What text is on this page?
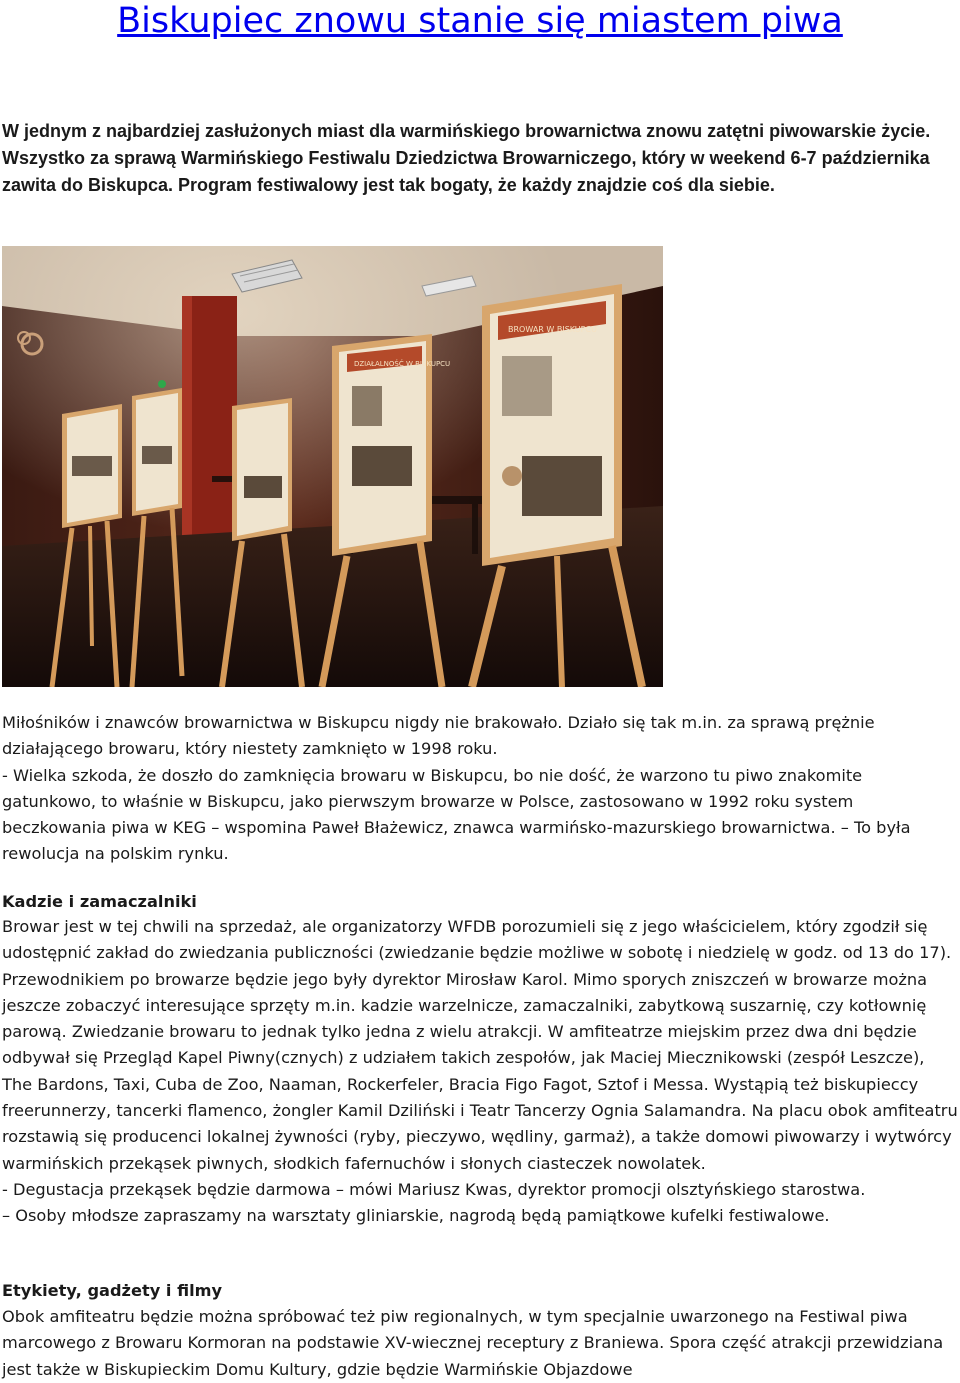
Biskupiec znowu stanie się miastem piwa

W jednym z najbardziej zasłużonych miast dla warmińskiego browarnictwa znowu zatętni piwowarskie życie. Wszystko za sprawą Warmińskiego Festiwalu Dziedzictwa Browarniczego, który w weekend 6-7 października zawita do Biskupca. Program festiwalowy jest tak bogaty, że każdy znajdzie coś dla siebie.

DZIAŁALNOŚĆ W BISKUPCU
BROWAR W BISKUPCU

Miłośników i znawców browarnictwa w Biskupcu nigdy nie brakowało. Działo się tak m.in. za sprawą prężnie działającego browaru, który niestety zamknięto w 1998 roku.
- Wielka szkoda, że doszło do zamknięcia browaru w Biskupcu, bo nie dość, że warzono tu piwo znakomite gatunkowo, to właśnie w Biskupcu, jako pierwszym browarze w Polsce, zastosowano w 1992 roku system beczkowania piwa w KEG – wspomina Paweł Błażewicz, znawca warmińsko-mazurskiego browarnictwa. – To była rewolucja na polskim rynku.

Kadzie i zamaczalniki

Browar jest w tej chwili na sprzedaż, ale organizatorzy WFDB porozumieli się z jego właścicielem, który zgodził się udostępnić zakład do zwiedzania publiczności (zwiedzanie będzie możliwe w sobotę i niedzielę w godz. od 13 do 17). Przewodnikiem po browarze będzie jego były dyrektor Mirosław Karol. Mimo sporych zniszczeń w browarze można jeszcze zobaczyć interesujące sprzęty m.in. kadzie warzelnicze, zamaczalniki, zabytkową suszarnię, czy kotłownię parową. Zwiedzanie browaru to jednak tylko jedna z wielu atrakcji. W amfiteatrze miejskim przez dwa dni będzie odbywał się Przegląd Kapel Piwny(cznych) z udziałem takich zespołów, jak Maciej Miecznikowski (zespół Leszcze), The Bardons, Taxi, Cuba de Zoo, Naaman, Rockerfeler, Bracia Figo Fagot, Sztof i Messa. Wystąpią też biskupieccy freerunnerzy, tancerki flamenco, żongler Kamil Dziliński i Teatr Tancerzy Ognia Salamandra. Na placu obok amfiteatru rozstawią się producenci lokalnej żywności (ryby, pieczywo, wędliny, garmaż), a także domowi piwowarzy i wytwórcy warmińskich przekąsek piwnych, słodkich fafernuchów i słonych ciasteczek nowolatek.
- Degustacja przekąsek będzie darmowa – mówi Mariusz Kwas, dyrektor promocji olsztyńskiego starostwa.
– Osoby młodsze zapraszamy na warsztaty gliniarskie, nagrodą będą pamiątkowe kufelki festiwalowe.

Etykiety, gadżety i filmy

Obok amfiteatru będzie można spróbować też piw regionalnych, w tym specjalnie uwarzonego na Festiwal piwa marcowego z Browaru Kormoran na podstawie XV-wiecznej receptury z Braniewa. Spora część atrakcji przewidziana jest także w Biskupieckim Domu Kultury, gdzie będzie Warmińskie Objazdowe
